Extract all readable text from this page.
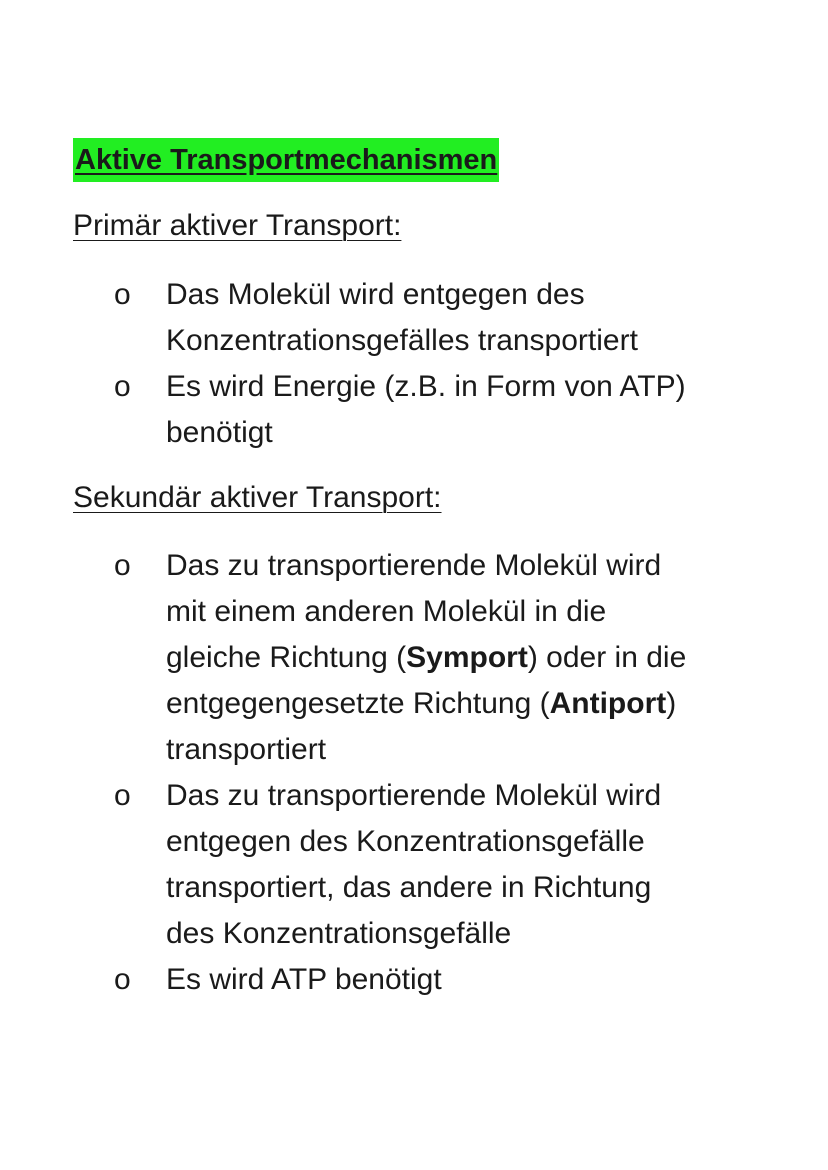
Aktive Transportmechanismen
Primär aktiver Transport:
o Das Molekül wird entgegen des
Konzentrationsgefälles transportiert
o Es wird Energie (z.B. in Form von ATP)
benötigt
Sekundär aktiver Transport:
o Das zu transportierende Molekül wird
mit einem anderen Molekül in die
gleiche Richtung (Symport) oder in die
entgegengesetzte Richtung (Antiport)
transportiert
o Das zu transportierende Molekül wird
entgegen des Konzentrationsgefälle
transportiert, das andere in Richtung
des Konzentrationsgefälle
o Es wird ATP benötigt
